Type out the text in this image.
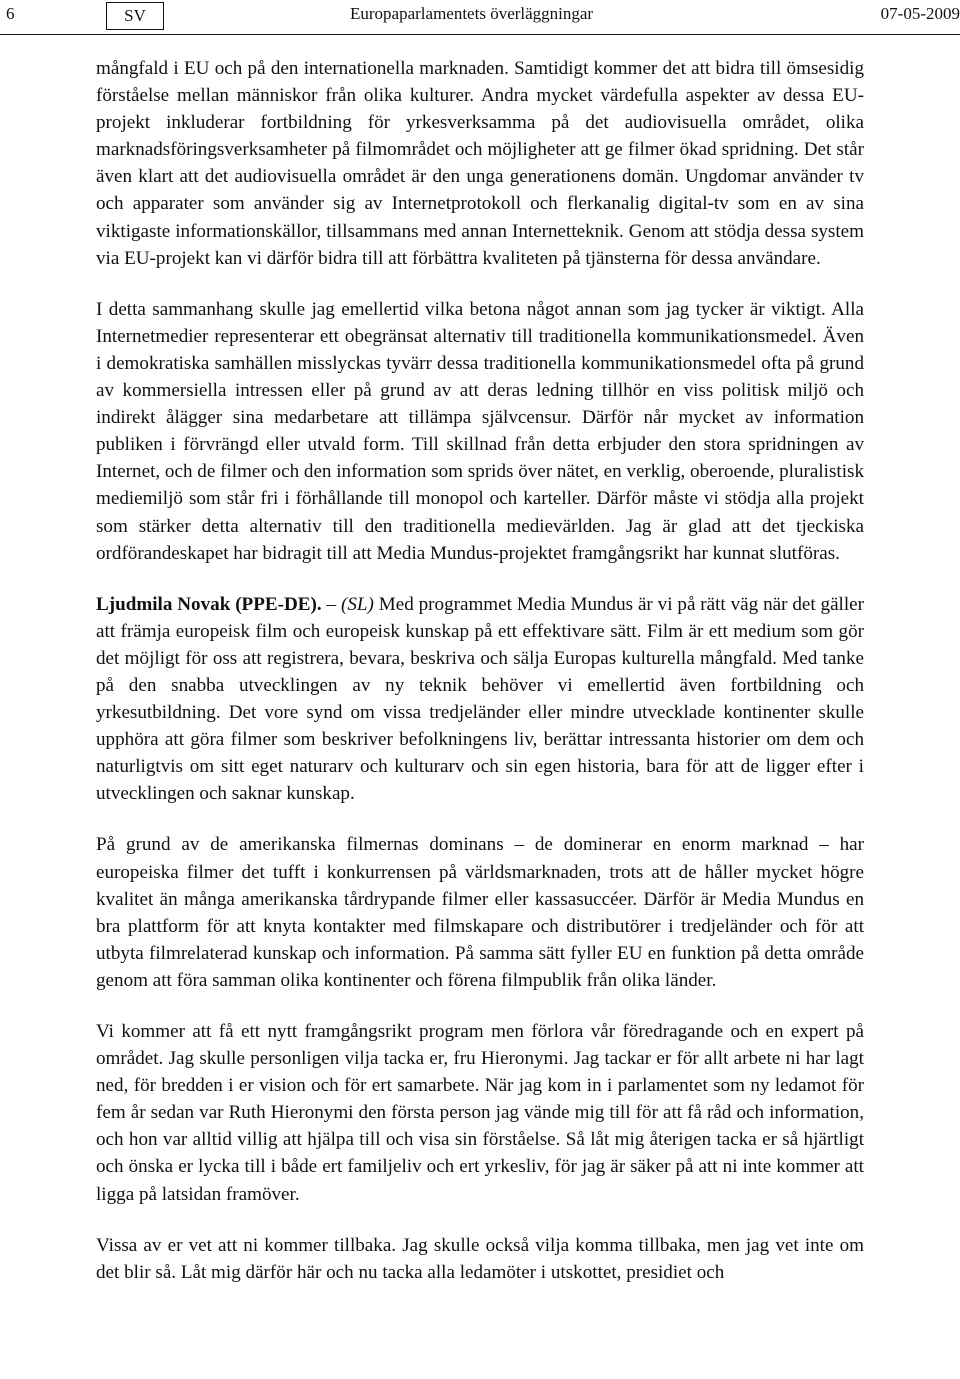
6	SV	Europaparlamentets överläggningar	07-05-2009

mångfald i EU och på den internationella marknaden. Samtidigt kommer det att bidra till ömsesidig förståelse mellan människor från olika kulturer. Andra mycket värdefulla aspekter av dessa EU-projekt inkluderar fortbildning för yrkesverksamma på det audiovisuella området, olika marknadsföringsverksamheter på filmområdet och möjligheter att ge filmer ökad spridning. Det står även klart att det audiovisuella området är den unga generationens domän. Ungdomar använder tv och apparater som använder sig av Internetprotokoll och flerkanalig digital-tv som en av sina viktigaste informationskällor, tillsammans med annan Internetteknik. Genom att stödja dessa system via EU-projekt kan vi därför bidra till att förbättra kvaliteten på tjänsterna för dessa användare.

I detta sammanhang skulle jag emellertid vilka betona något annan som jag tycker är viktigt. Alla Internetmedier representerar ett obegränsat alternativ till traditionella kommunikationsmedel. Även i demokratiska samhällen misslyckas tyvärr dessa traditionella kommunikationsmedel ofta på grund av kommersiella intressen eller på grund av att deras ledning tillhör en viss politisk miljö och indirekt ålägger sina medarbetare att tillämpa självcensur. Därför når mycket av information publiken i förvrängd eller utvald form. Till skillnad från detta erbjuder den stora spridningen av Internet, och de filmer och den information som sprids över nätet, en verklig, oberoende, pluralistisk mediemiljö som står fri i förhållande till monopol och karteller. Därför måste vi stödja alla projekt som stärker detta alternativ till den traditionella medievärlden. Jag är glad att det tjeckiska ordförandeskapet har bidragit till att Media Mundus-projektet framgångsrikt har kunnat slutföras.

Ljudmila Novak (PPE-DE). – (SL) Med programmet Media Mundus är vi på rätt väg när det gäller att främja europeisk film och europeisk kunskap på ett effektivare sätt. Film är ett medium som gör det möjligt för oss att registrera, bevara, beskriva och sälja Europas kulturella mångfald. Med tanke på den snabba utvecklingen av ny teknik behöver vi emellertid även fortbildning och yrkesutbildning. Det vore synd om vissa tredjeländer eller mindre utvecklade kontinenter skulle upphöra att göra filmer som beskriver befolkningens liv, berättar intressanta historier om dem och naturligtvis om sitt eget naturarv och kulturarv och sin egen historia, bara för att de ligger efter i utvecklingen och saknar kunskap.

På grund av de amerikanska filmernas dominans – de dominerar en enorm marknad – har europeiska filmer det tufft i konkurrensen på världsmarknaden, trots att de håller mycket högre kvalitet än många amerikanska tårdrypande filmer eller kassasuccéer. Därför är Media Mundus en bra plattform för att knyta kontakter med filmskapare och distributörer i tredjeländer och för att utbyta filmrelaterad kunskap och information. På samma sätt fyller EU en funktion på detta område genom att föra samman olika kontinenter och förena filmpublik från olika länder.

Vi kommer att få ett nytt framgångsrikt program men förlora vår föredragande och en expert på området. Jag skulle personligen vilja tacka er, fru Hieronymi. Jag tackar er för allt arbete ni har lagt ned, för bredden i er vision och för ert samarbete. När jag kom in i parlamentet som ny ledamot för fem år sedan var Ruth Hieronymi den första person jag vände mig till för att få råd och information, och hon var alltid villig att hjälpa till och visa sin förståelse. Så låt mig återigen tacka er så hjärtligt och önska er lycka till i både ert familjeliv och ert yrkesliv, för jag är säker på att ni inte kommer att ligga på latsidan framöver.

Vissa av er vet att ni kommer tillbaka. Jag skulle också vilja komma tillbaka, men jag vet inte om det blir så. Låt mig därför här och nu tacka alla ledamöter i utskottet, presidiet och
